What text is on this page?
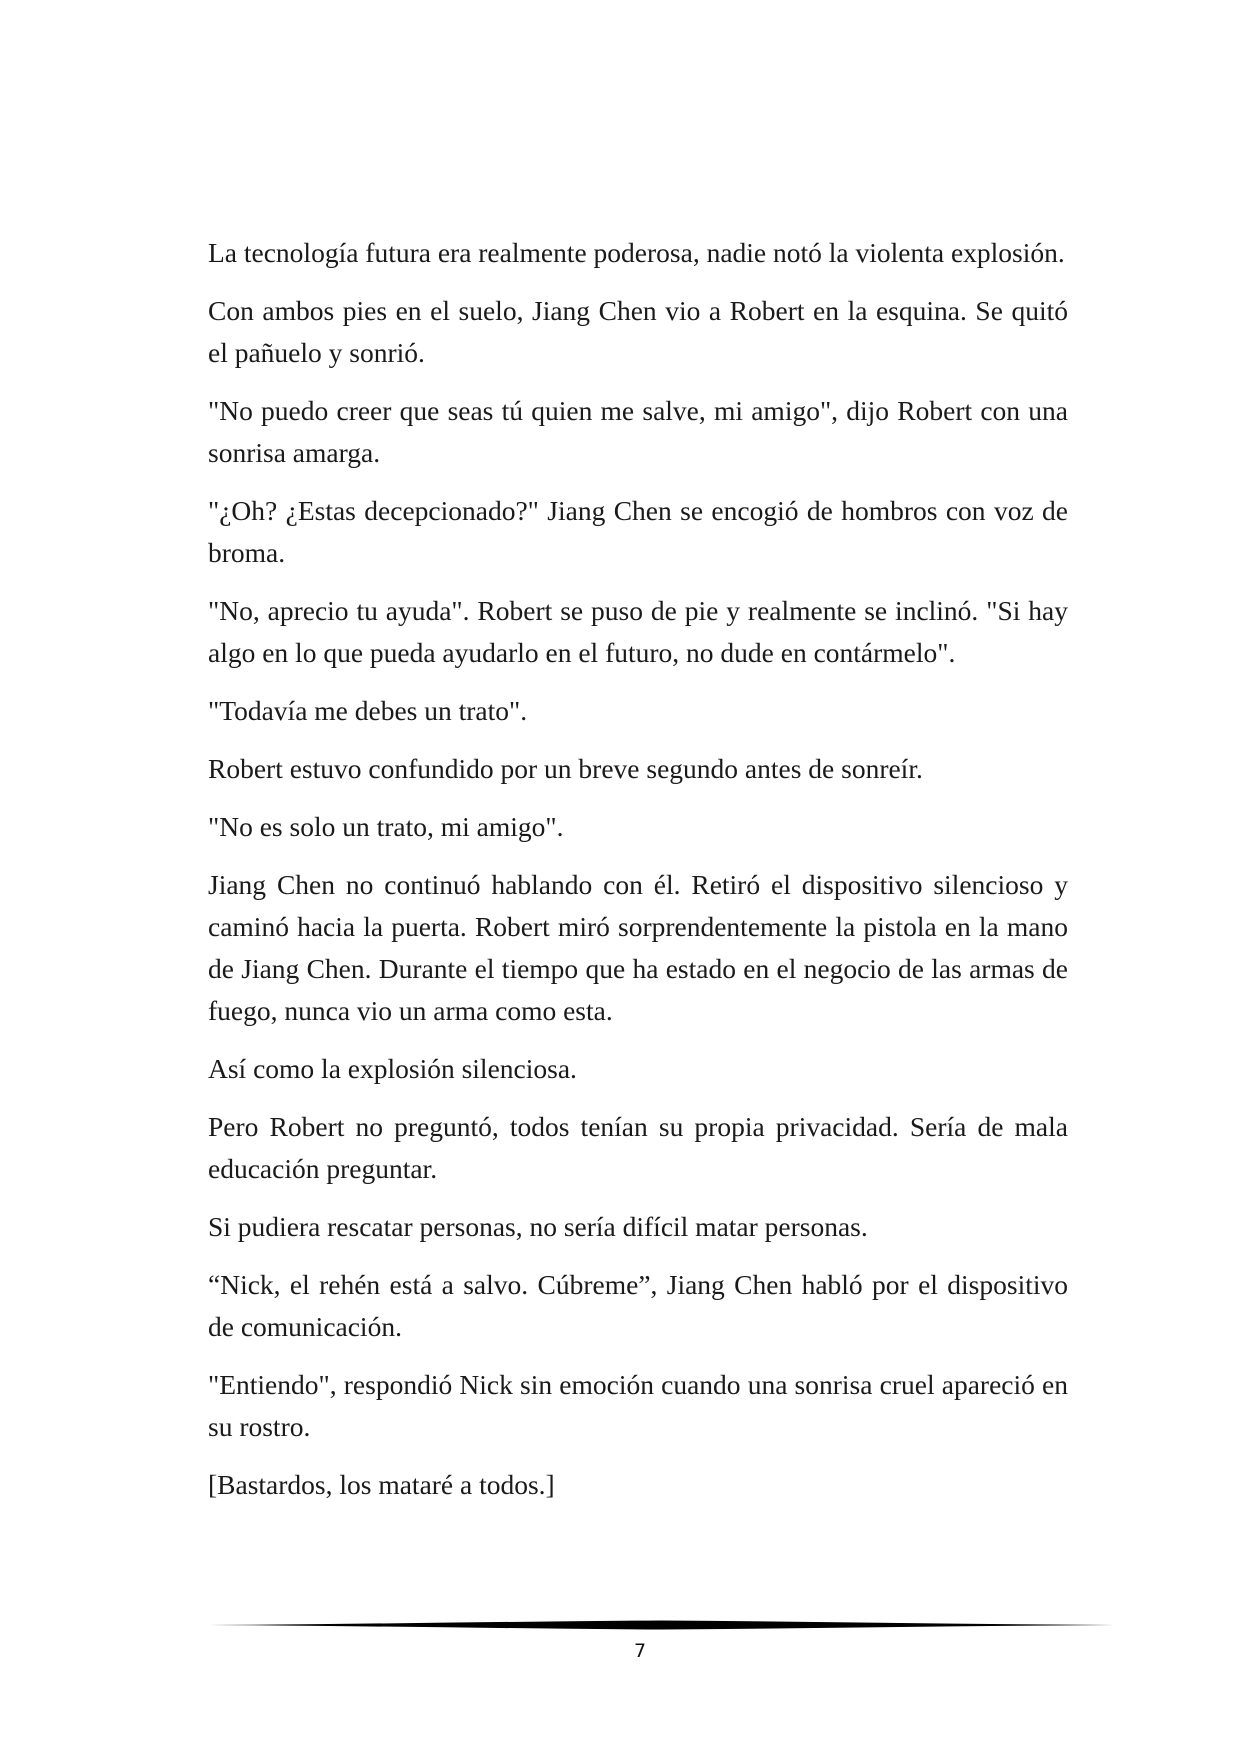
La tecnología futura era realmente poderosa, nadie notó la violenta explosión.

Con ambos pies en el suelo, Jiang Chen vio a Robert en la esquina. Se quitó el pañuelo y sonrió.

"No puedo creer que seas tú quien me salve, mi amigo", dijo Robert con una sonrisa amarga.

"¿Oh? ¿Estas decepcionado?" Jiang Chen se encogió de hombros con voz de broma.

"No, aprecio tu ayuda". Robert se puso de pie y realmente se inclinó. "Si hay algo en lo que pueda ayudarlo en el futuro, no dude en contármelo".

"Todavía me debes un trato".

Robert estuvo confundido por un breve segundo antes de sonreír.

"No es solo un trato, mi amigo".

Jiang Chen no continuó hablando con él. Retiró el dispositivo silencioso y caminó hacia la puerta. Robert miró sorprendentemente la pistola en la mano de Jiang Chen. Durante el tiempo que ha estado en el negocio de las armas de fuego, nunca vio un arma como esta.

Así como la explosión silenciosa.

Pero Robert no preguntó, todos tenían su propia privacidad. Sería de mala educación preguntar.

Si pudiera rescatar personas, no sería difícil matar personas.

“Nick, el rehén está a salvo. Cúbreme”, Jiang Chen habló por el dispositivo de comunicación.

"Entiendo", respondió Nick sin emoción cuando una sonrisa cruel apareció en su rostro.

[Bastardos, los mataré a todos.]

7
